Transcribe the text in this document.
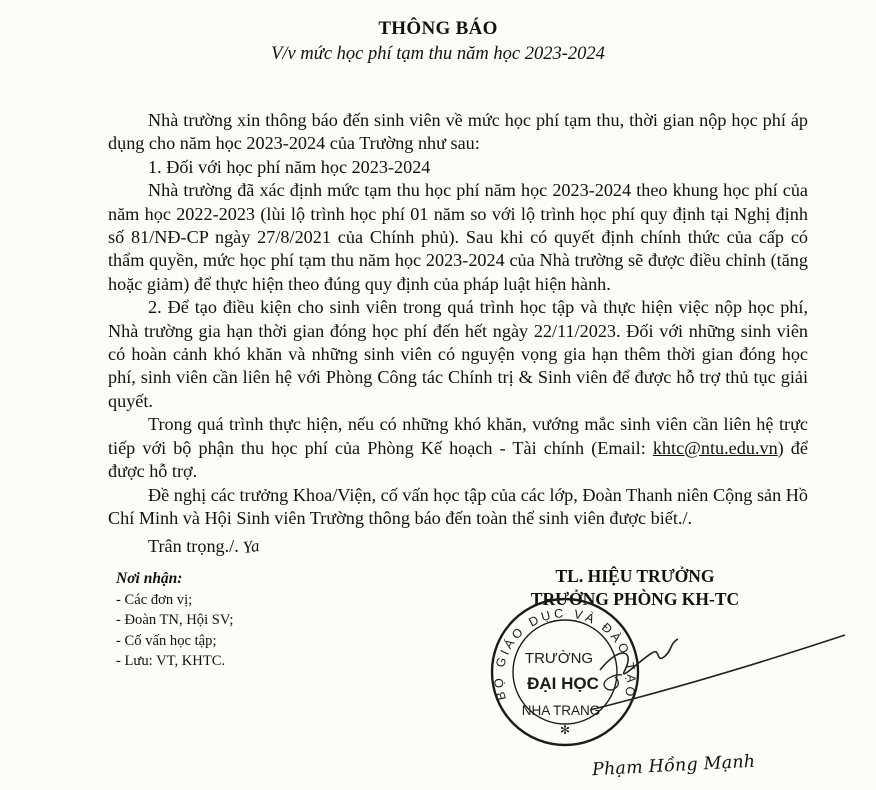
THÔNG BÁO
V/v mức học phí tạm thu năm học 2023-2024

Nhà trường xin thông báo đến sinh viên về mức học phí tạm thu, thời gian nộp học phí áp dụng cho năm học 2023-2024 của Trường như sau:

1. Đối với học phí năm học 2023-2024

Nhà trường đã xác định mức tạm thu học phí năm học 2023-2024 theo khung học phí của năm học 2022-2023 (lùi lộ trình học phí 01 năm so với lộ trình học phí quy định tại Nghị định số 81/NĐ-CP ngày 27/8/2021 của Chính phủ). Sau khi có quyết định chính thức của cấp có thẩm quyền, mức học phí tạm thu năm học 2023-2024 của Nhà trường sẽ được điều chỉnh (tăng hoặc giảm) để thực hiện theo đúng quy định của pháp luật hiện hành.

2. Để tạo điều kiện cho sinh viên trong quá trình học tập và thực hiện việc nộp học phí, Nhà trường gia hạn thời gian đóng học phí đến hết ngày 22/11/2023. Đối với những sinh viên có hoàn cảnh khó khăn và những sinh viên có nguyện vọng gia hạn thêm thời gian đóng học phí, sinh viên cần liên hệ với Phòng Công tác Chính trị & Sinh viên để được hỗ trợ thủ tục giải quyết.

Trong quá trình thực hiện, nếu có những khó khăn, vướng mắc sinh viên cần liên hệ trực tiếp với bộ phận thu học phí của Phòng Kế hoạch - Tài chính (Email: khtc@ntu.edu.vn) để được hỗ trợ.

Đề nghị các trưởng Khoa/Viện, cố vấn học tập của các lớp, Đoàn Thanh niên Cộng sản Hồ Chí Minh và Hội Sinh viên Trường thông báo đến toàn thể sinh viên được biết./.

Trân trọng./. Ya
Nơi nhận:
- Các đơn vị;
- Đoàn TN, Hội SV;
- Cố vấn học tập;
- Lưu: VT, KHTC.
TL. HIỆU TRƯỞNG
TRƯỞNG PHÒNG KH-TC
BỘ GIÁO DỤC VÀ ĐÀO TẠO
TRƯỜNG
ĐẠI HỌC
NHA TRANG
✻
Phạm Hồng Mạnh
